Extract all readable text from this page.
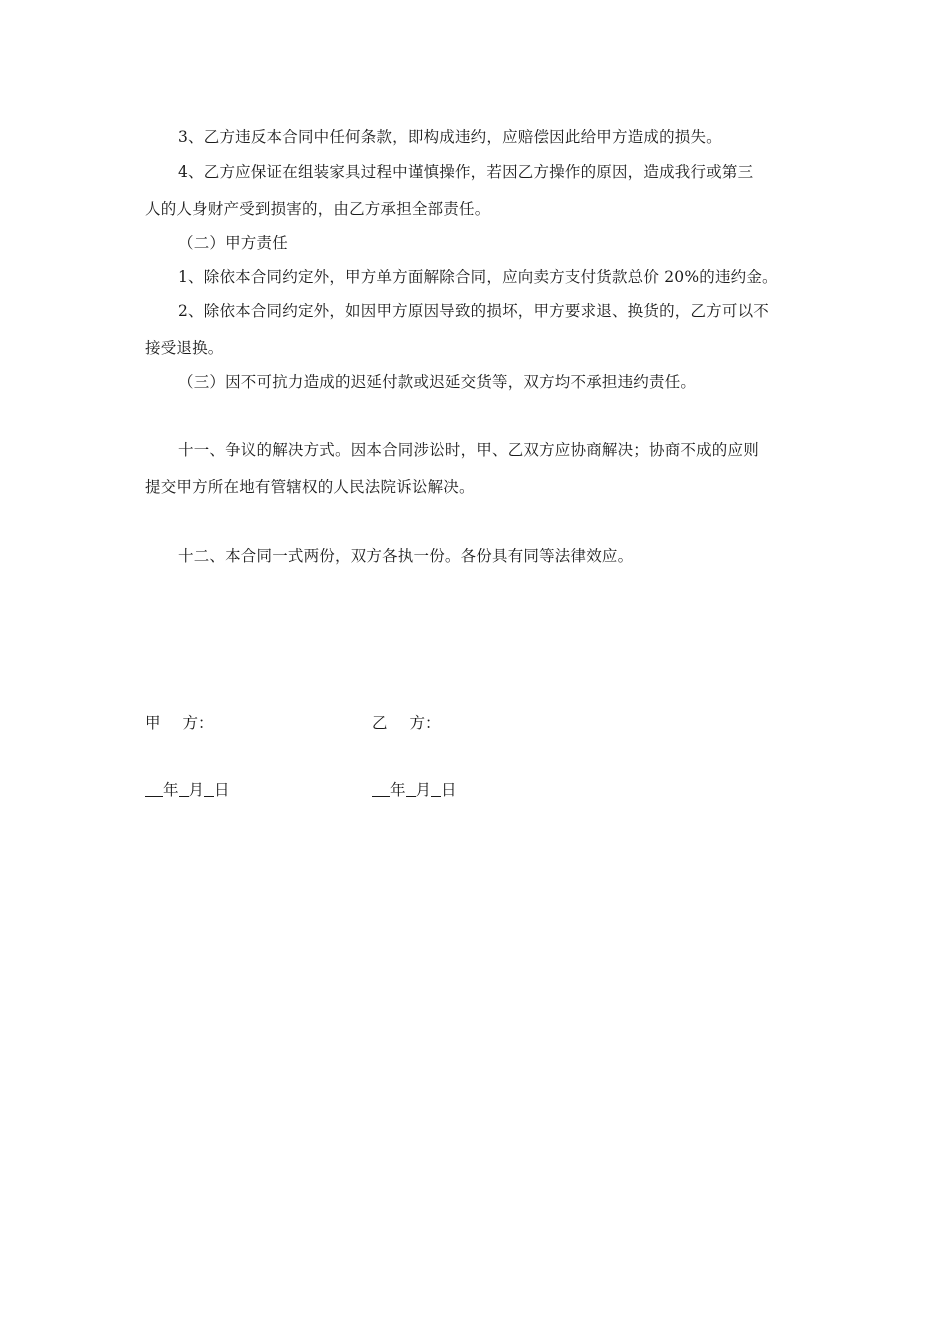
3、乙方违反本合同中任何条款，即构成违约，应赔偿因此给甲方造成的损失。
4、乙方应保证在组装家具过程中谨慎操作，若因乙方操作的原因，造成我行或第三
人的人身财产受到损害的，由乙方承担全部责任。
（二）甲方责任
1、除依本合同约定外，甲方单方面解除合同，应向卖方支付货款总价 20%的违约金。
2、除依本合同约定外，如因甲方原因导致的损坏，甲方要求退、换货的，乙方可以不
接受退换。
（三）因不可抗力造成的迟延付款或迟延交货等，双方均不承担违约责任。
十一、争议的解决方式。因本合同涉讼时，甲、乙双方应协商解决；协商不成的应则
提交甲方所在地有管辖权的人民法院诉讼解决。
十二、本合同一式两份，双方各执一份。各份具有同等法律效应。
甲 方：	乙 方：
年 月 日	年 月 日
